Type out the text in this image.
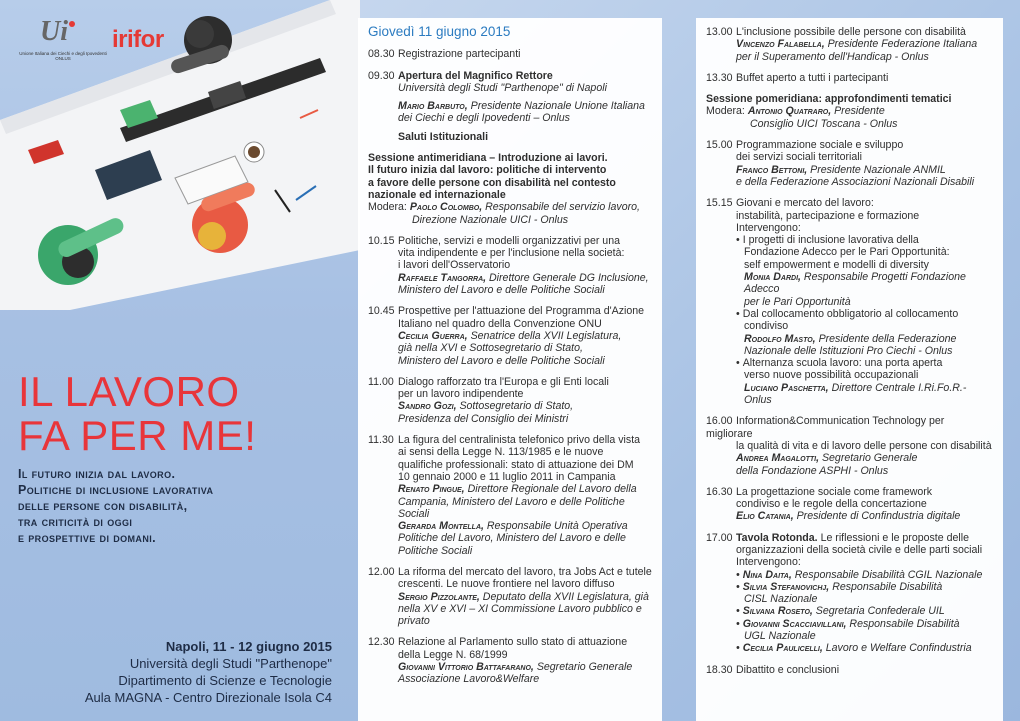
Ui
Unione Italiana dei Ciechi e degli Ipovedenti ONLUS
irifor
IL LAVORO
FA PER ME!
Il futuro inizia dal lavoro.
Politiche di inclusione lavorativa
delle persone con disabilità,
tra criticità di oggi
e prospettive di domani.
Napoli, 11 - 12 giugno 2015
Università degli Studi "Parthenope"
Dipartimento di Scienze e Tecnologie
Aula MAGNA - Centro Direzionale Isola C4
Giovedì 11 giugno 2015
08.30 Registrazione partecipanti
09.30 Apertura del Magnifico Rettore
Università degli Studi "Parthenope" di Napoli
Mario Barbuto, Presidente Nazionale Unione Italiana
dei Ciechi e degli Ipovedenti – Onlus
Saluti Istituzionali
Sessione antimeridiana – Introduzione ai lavori.
Il futuro inizia dal lavoro: politiche di intervento
a favore delle persone con disabilità nel contesto
nazionale ed internazionale
Modera: Paolo Colombo, Responsabile del servizio lavoro,
Direzione Nazionale UICI - Onlus
10.15 Politiche, servizi e modelli organizzativi per una
vita indipendente e per l'inclusione nella società:
i lavori dell'Osservatorio
Raffaele Tangorra, Direttore Generale DG Inclusione,
Ministero del Lavoro e delle Politiche Sociali
10.45 Prospettive per l'attuazione del Programma d'Azione
Italiano nel quadro della Convenzione ONU
Cecilia Guerra, Senatrice della XVII Legislatura,
già nella XVI e Sottosegretario di Stato,
Ministero del Lavoro e delle Politiche Sociali
11.00 Dialogo rafforzato tra l'Europa e gli Enti locali
per un lavoro indipendente
Sandro Gozi, Sottosegretario di Stato,
Presidenza del Consiglio dei Ministri
11.30 La figura del centralinista telefonico privo della vista
ai sensi della Legge N. 113/1985 e le nuove
qualifiche professionali: stato di attuazione dei DM
10 gennaio 2000 e 11 luglio 2011 in Campania
Renato Pingue, Direttore Regionale del Lavoro della
Campania, Ministero del Lavoro e delle Politiche Sociali
Gerarda Montella, Responsabile Unità Operativa
Politiche del Lavoro, Ministero del Lavoro e delle
Politiche Sociali
12.00 La riforma del mercato del lavoro, tra Jobs Act e tutele
crescenti. Le nuove frontiere nel lavoro diffuso
Sergio Pizzolante, Deputato della XVII Legislatura, già
nella XV e XVI – XI Commissione Lavoro pubblico e privato
12.30 Relazione al Parlamento sullo stato di attuazione
della Legge N. 68/1999
Giovanni Vittorio Battafarano, Segretario Generale
Associazione Lavoro&Welfare
13.00 L'inclusione possibile delle persone con disabilità
Vincenzo Falabella, Presidente Federazione Italiana
per il Superamento dell'Handicap - Onlus
13.30 Buffet aperto a tutti i partecipanti
Sessione pomeridiana: approfondimenti tematici
Modera: Antonio Quatraro, Presidente
Consiglio UICI Toscana - Onlus
15.00 Programmazione sociale e sviluppo
dei servizi sociali territoriali
Franco Bettoni, Presidente Nazionale ANMIL
e della Federazione Associazioni Nazionali Disabili
15.15 Giovani e mercato del lavoro:
instabilità, partecipazione e formazione
Intervengono:
I progetti di inclusione lavorativa della
Fondazione Adecco per le Pari Opportunità:
self empowerment e modelli di diversity
Monia Dardi, Responsabile Progetti Fondazione Adecco
per le Pari Opportunità
Dal collocamento obbligatorio al collocamento condiviso
Rodolfo Masto, Presidente della Federazione
Nazionale delle Istituzioni Pro Ciechi - Onlus
Alternanza scuola lavoro: una porta aperta
verso nuove possibilità occupazionali
Luciano Paschetta, Direttore Centrale I.Ri.Fo.R.- Onlus
16.00 Information&Communication Technology per migliorare
la qualità di vita e di lavoro delle persone con disabilità
Andrea Magalotti, Segretario Generale
della Fondazione ASPHI - Onlus
16.30 La progettazione sociale come framework
condiviso e le regole della concertazione
Elio Catania, Presidente di Confindustria digitale
17.00 Tavola Rotonda. Le riflessioni e le proposte delle
organizzazioni della società civile e delle parti sociali
Intervengono:
Nina Daita, Responsabile Disabilità CGIL Nazionale
Silvia Stefanovichj, Responsabile Disabilità
CISL Nazionale
Silvana Roseto, Segretaria Confederale UIL
Giovanni Scacciavillani, Responsabile Disabilità
UGL Nazionale
Cecilia Paulicelli, Lavoro e Welfare Confindustria
18.30 Dibattito e conclusioni
